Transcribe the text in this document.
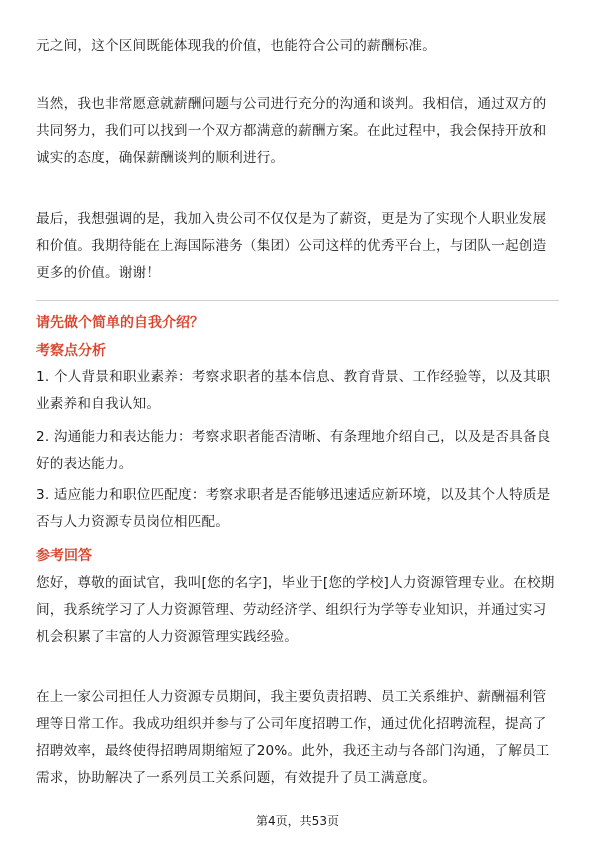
元之间，这个区间既能体现我的价值，也能符合公司的薪酬标准。

当然，我也非常愿意就薪酬问题与公司进行充分的沟通和谈判。我相信，通过双方的共同努力，我们可以找到一个双方都满意的薪酬方案。在此过程中，我会保持开放和诚实的态度，确保薪酬谈判的顺利进行。

最后，我想强调的是，我加入贵公司不仅仅是为了薪资，更是为了实现个人职业发展和价值。我期待能在上海国际港务（集团）公司这样的优秀平台上，与团队一起创造更多的价值。谢谢！

请先做个简单的自我介绍？
考察点分析

1. 个人背景和职业素养：考察求职者的基本信息、教育背景、工作经验等，以及其职业素养和自我认知。

2. 沟通能力和表达能力：考察求职者能否清晰、有条理地介绍自己，以及是否具备良好的表达能力。

3. 适应能力和职位匹配度：考察求职者是否能够迅速适应新环境，以及其个人特质是否与人力资源专员岗位相匹配。

参考回答

您好，尊敬的面试官，我叫[您的名字]，毕业于[您的学校]人力资源管理专业。在校期间，我系统学习了人力资源管理、劳动经济学、组织行为学等专业知识，并通过实习机会积累了丰富的人力资源管理实践经验。

在上一家公司担任人力资源专员期间，我主要负责招聘、员工关系维护、薪酬福利管理等日常工作。我成功组织并参与了公司年度招聘工作，通过优化招聘流程，提高了招聘效率，最终使得招聘周期缩短了20%。此外，我还主动与各部门沟通，了解员工需求，协助解决了一系列员工关系问题，有效提升了员工满意度。

第4页，共53页
